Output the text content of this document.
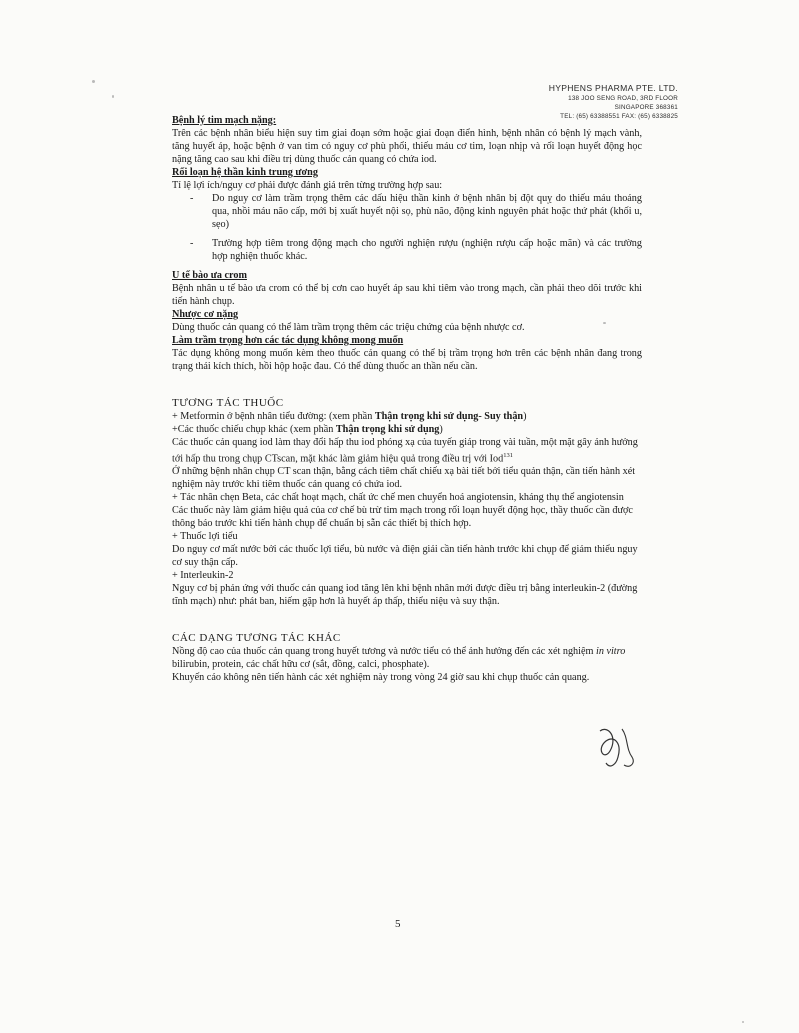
HYPHENS PHARMA PTE. LTD.
138 JOO SENG ROAD, 3RD FLOOR
SINGAPORE 368361
TEL: (65) 63388551 FAX: (65) 6338825

Bệnh lý tim mạch nặng:

Trên các bệnh nhân biểu hiện suy tim giai đoạn sớm hoặc giai đoạn điển hình, bệnh nhân có bệnh lý mạch vành, tăng huyết áp, hoặc bệnh ở van tim có nguy cơ phù phổi, thiếu máu cơ tim, loạn nhịp và rối loạn huyết động học nặng tăng cao sau khi điều trị dùng thuốc cản quang có chứa iod.

Rối loạn hệ thần kinh trung ương

Tỉ lệ lợi ích/nguy cơ phải được đánh giá trên từng trường hợp sau:

-	Do nguy cơ làm trầm trọng thêm các dấu hiệu thần kinh ở bệnh nhân bị đột quỵ do thiếu máu thoáng qua, nhồi máu não cấp, mới bị xuất huyết nội sọ, phù não, động kinh nguyên phát hoặc thứ phát (khối u, sẹo)
-	Trường hợp tiêm trong động mạch cho người nghiện rượu (nghiện rượu cấp hoặc mãn) và các trường hợp nghiện thuốc khác.

U tế bào ưa crom

Bệnh nhân u tế bào ưa crom có thể bị cơn cao huyết áp sau khi tiêm vào trong mạch, cần phải theo dõi trước khi tiến hành chụp.

Nhược cơ nặng

Dùng thuốc cản quang có thể làm trầm trọng thêm các triệu chứng của bệnh nhược cơ.

Làm trầm trọng hơn các tác dụng không mong muốn

Tác dụng không mong muốn kèm theo thuốc cản quang có thể bị trầm trọng hơn trên các bệnh nhân đang trong trạng thái kích thích, hồi hộp hoặc đau. Có thể dùng thuốc an thần nếu cần.

TƯƠNG TÁC THUỐC

+ Metformin ở bệnh nhân tiểu đường: (xem phần Thận trọng khi sử dụng- Suy thận)

+Các thuốc chiếu chụp khác (xem phần Thận trọng khi sử dụng)

Các thuốc cản quang iod làm thay đổi hấp thu iod phóng xạ của tuyến giáp trong vài tuần, một mặt gây ảnh hưởng tới hấp thu trong chụp CTscan, mặt khác làm giảm hiệu quả trong điều trị với Iod$^{131}$

Ở những bệnh nhân chụp CT scan thận, bằng cách tiêm chất chiếu xạ bài tiết bởi tiểu quản thận, cần tiến hành xét nghiệm này trước khi tiêm thuốc cản quang có chứa iod.

+ Tác nhân chẹn Beta, các chất hoạt mạch, chất ức chế men chuyển hoá angiotensin, kháng thụ thể angiotensin

Các thuốc này làm giảm hiệu quả của cơ chế bù trừ tim mạch trong rối loạn huyết động học, thầy thuốc cần được thông báo trước khi tiến hành chụp để chuẩn bị sẵn các thiết bị thích hợp.

+ Thuốc lợi tiểu

Do nguy cơ mất nước bởi các thuốc lợi tiểu, bù nước và điện giải cần tiến hành trước khi chụp để giảm thiểu nguy cơ suy thận cấp.

+ Interleukin-2

Nguy cơ bị phản ứng với thuốc cản quang iod tăng lên khi bệnh nhân mới được điều trị bằng interleukin-2 (đường tĩnh mạch) như: phát ban, hiếm gặp hơn là huyết áp thấp, thiểu niệu và suy thận.

CÁC DẠNG TƯƠNG TÁC KHÁC

Nồng độ cao của thuốc cản quang trong huyết tương và nước tiểu có thể ảnh hưởng đến các xét nghiệm in vitro bilirubin, protein, các chất hữu cơ (sắt, đồng, calci, phosphate).

Khuyến cáo không nên tiến hành các xét nghiệm này trong vòng 24 giờ sau khi chụp thuốc cản quang.

5
